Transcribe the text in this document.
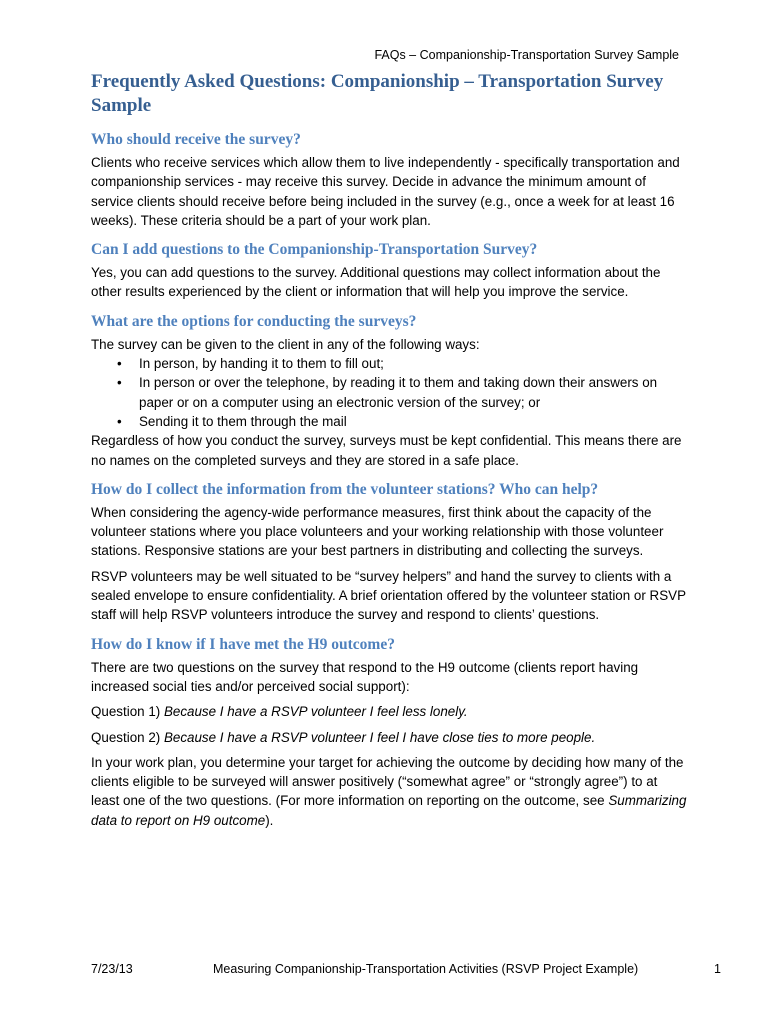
FAQs – Companionship-Transportation Survey Sample
Frequently Asked Questions: Companionship – Transportation Survey Sample
Who should receive the survey?

Clients who receive services which allow them to live independently - specifically transportation and companionship services - may receive this survey. Decide in advance the minimum amount of service clients should receive before being included in the survey (e.g., once a week for at least 16 weeks). These criteria should be a part of your work plan.

Can I add questions to the Companionship-Transportation Survey?

Yes, you can add questions to the survey. Additional questions may collect information about the other results experienced by the client or information that will help you improve the service.

What are the options for conducting the surveys?

The survey can be given to the client in any of the following ways:

• In person, by handing it to them to fill out;
• In person or over the telephone, by reading it to them and taking down their answers on paper or on a computer using an electronic version of the survey; or
• Sending it to them through the mail

Regardless of how you conduct the survey, surveys must be kept confidential. This means there are no names on the completed surveys and they are stored in a safe place.

How do I collect the information from the volunteer stations? Who can help?

When considering the agency-wide performance measures, first think about the capacity of the volunteer stations where you place volunteers and your working relationship with those volunteer stations. Responsive stations are your best partners in distributing and collecting the surveys.

RSVP volunteers may be well situated to be “survey helpers” and hand the survey to clients with a sealed envelope to ensure confidentiality. A brief orientation offered by the volunteer station or RSVP staff will help RSVP volunteers introduce the survey and respond to clients’ questions.

How do I know if I have met the H9 outcome?

There are two questions on the survey that respond to the H9 outcome (clients report having increased social ties and/or perceived social support):

Question 1) Because I have a RSVP volunteer I feel less lonely.

Question 2) Because I have a RSVP volunteer I feel I have close ties to more people.

In your work plan, you determine your target for achieving the outcome by deciding how many of the clients eligible to be surveyed will answer positively (“somewhat agree” or “strongly agree”) to at least one of the two questions. (For more information on reporting on the outcome, see Summarizing data to report on H9 outcome).

7/23/13	Measuring Companionship-Transportation Activities (RSVP Project Example)	1
